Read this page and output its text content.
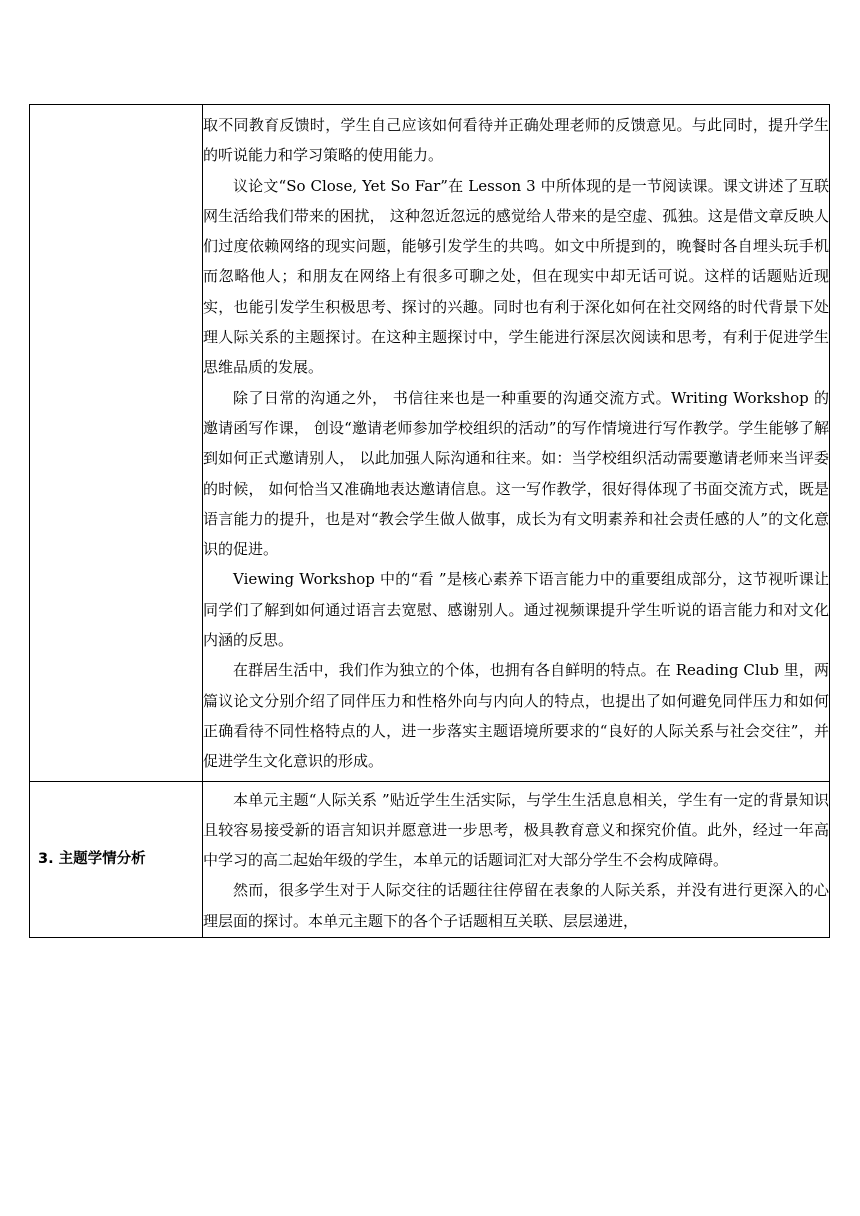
	取不同教育反馈时，学生自己应该如何看待并正确处理老师的反馈意见。与此同时，提升学生的听说能力和学习策略的使用能力。

议论文“So Close, Yet So Far”在 Lesson 3 中所体现的是一节阅读课。课文讲述了互联网生活给我们带来的困扰， 这种忽近忽远的感觉给人带来的是空虚、孤独。这是借文章反映人们过度依赖网络的现实问题，能够引发学生的共鸣。如文中所提到的，晚餐时各自埋头玩手机而忽略他人；和朋友在网络上有很多可聊之处，但在现实中却无话可说。这样的话题贴近现实，也能引发学生积极思考、探讨的兴趣。同时也有利于深化如何在社交网络的时代背景下处理人际关系的主题探讨。在这种主题探讨中，学生能进行深层次阅读和思考，有利于促进学生思维品质的发展。

除了日常的沟通之外， 书信往来也是一种重要的沟通交流方式。Writing Workshop 的邀请函写作课， 创设“邀请老师参加学校组织的活动”的写作情境进行写作教学。学生能够了解到如何正式邀请别人， 以此加强人际沟通和往来。如：当学校组织活动需要邀请老师来当评委的时候， 如何恰当又准确地表达邀请信息。这一写作教学，很好得体现了书面交流方式，既是语言能力的提升，也是对“教会学生做人做事，成长为有文明素养和社会责任感的人”的文化意识的促进。

Viewing Workshop 中的“看 ”是核心素养下语言能力中的重要组成部分，这节视听课让同学们了解到如何通过语言去宽慰、感谢别人。通过视频课提升学生听说的语言能力和对文化内涵的反思。

在群居生活中，我们作为独立的个体，也拥有各自鲜明的特点。在 Reading Club 里，两篇议论文分别介绍了同伴压力和性格外向与内向人的特点，也提出了如何避免同伴压力和如何正确看待不同性格特点的人，进一步落实主题语境所要求的“良好的人际关系与社会交往”，并促进学生文化意识的形成。

3. 主题学情分析	本单元主题“人际关系 ”贴近学生生活实际，与学生生活息息相关，学生有一定的背景知识且较容易接受新的语言知识并愿意进一步思考，极具教育意义和探究价值。此外，经过一年高中学习的高二起始年级的学生，本单元的话题词汇对大部分学生不会构成障碍。

然而，很多学生对于人际交往的话题往往停留在表象的人际关系，并没有进行更深入的心理层面的探讨。本单元主题下的各个子话题相互关联、层层递进，
